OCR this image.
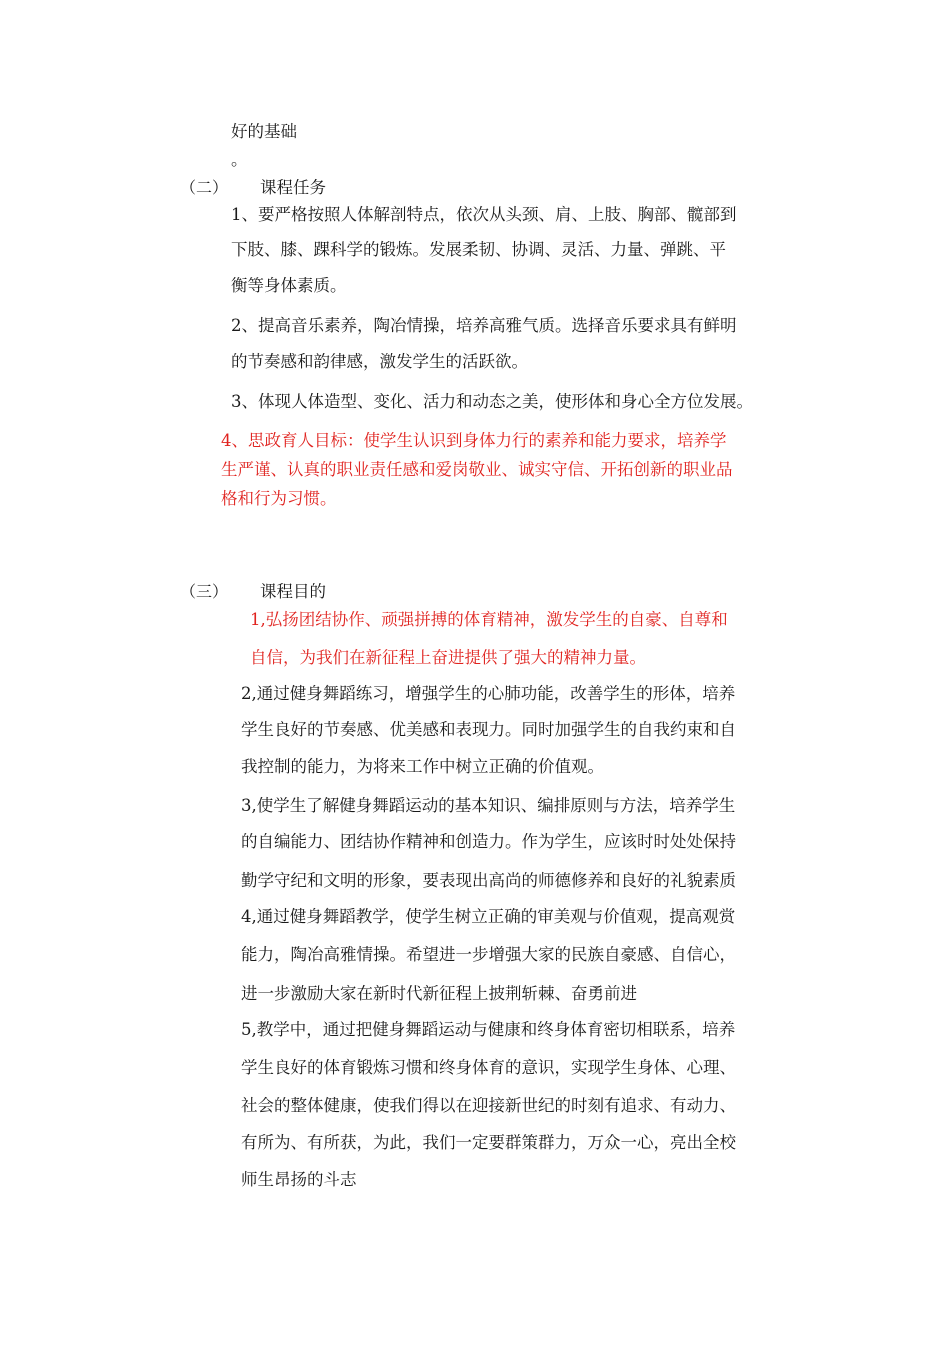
好的基础
。
（二） 课程任务
1、要严格按照人体解剖特点，依次从头颈、肩、上肢、胸部、髋部到
下肢、膝、踝科学的锻炼。发展柔韧、协调、灵活、力量、弹跳、平
衡等身体素质。
2、提高音乐素养，陶冶情操，培养高雅气质。选择音乐要求具有鲜明
的节奏感和韵律感，激发学生的活跃欲。
3、体现人体造型、变化、活力和动态之美，使形体和身心全方位发展。
4、思政育人目标：使学生认识到身体力行的素养和能力要求，培养学
生严谨、认真的职业责任感和爱岗敬业、诚实守信、开拓创新的职业品
格和行为习惯。
（三） 课程目的
1,弘扬团结协作、顽强拼搏的体育精神，激发学生的自豪、自尊和
自信，为我们在新征程上奋进提供了强大的精神力量。
2,通过健身舞蹈练习，增强学生的心肺功能，改善学生的形体，培养
学生良好的节奏感、优美感和表现力。同时加强学生的自我约束和自
我控制的能力，为将来工作中树立正确的价值观。
3,使学生了解健身舞蹈运动的基本知识、编排原则与方法，培养学生
的自编能力、团结协作精神和创造力。作为学生，应该时时处处保持
勤学守纪和文明的形象，要表现出高尚的师德修养和良好的礼貌素质
4,通过健身舞蹈教学，使学生树立正确的审美观与价值观，提高观赏
能力，陶冶高雅情操。希望进一步增强大家的民族自豪感、自信心，
进一步激励大家在新时代新征程上披荆斩棘、奋勇前进
5,教学中，通过把健身舞蹈运动与健康和终身体育密切相联系，培养
学生良好的体育锻炼习惯和终身体育的意识，实现学生身体、心理、
社会的整体健康，使我们得以在迎接新世纪的时刻有追求、有动力、
有所为、有所获，为此，我们一定要群策群力，万众一心，亮出全校
师生昂扬的斗志
